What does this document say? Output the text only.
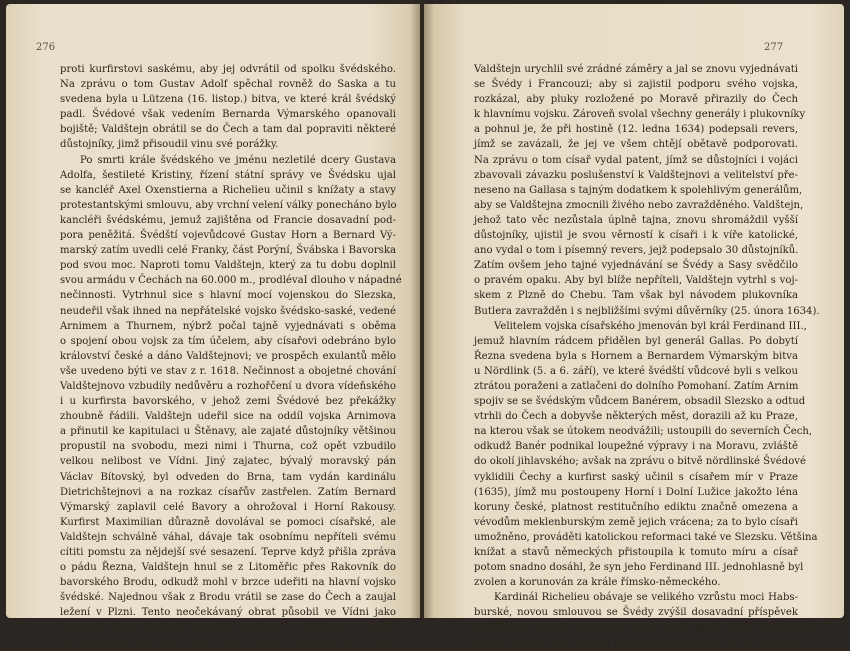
276
proti kurfirstovi saskému, aby jej odvrátil od spolku švédského.
Na zprávu o tom Gustav Adolf spěchal rovněž do Saska a tu
svedena byla u Lützena (16. listop.) bitva, ve které král švédský
padl. Švédové však vedením Bernarda Výmarského opanovali
bojiště; Valdštejn obrátil se do Čech a tam dal popraviti některé
důstojníky, jimž přisoudil vinu své porážky.
Po smrti krále švédského ve jménu nezletilé dcery Gustava
Adolfa, šestileté Kristiny, řízení státní správy ve Švédsku ujal
se kancléř Axel Oxenstierna a Richelieu učinil s knížaty a stavy
protestantskými smlouvu, aby vrchní velení války ponecháno bylo
kancléři švédskému, jemuž zajištěna od Francie dosavadní pod-
pora peněžitá. Švédští vojevůdcové Gustav Horn a Bernard Vý-
marský zatím uvedli celé Franky, část Porýní, Švábska i Bavorska
pod svou moc. Naproti tomu Valdštejn, který za tu dobu doplnil
svou armádu v Čechách na 60.000 m., prodlévaI dlouho v nápadné
nečinnosti. Vytrhnul sice s hlavní mocí vojenskou do Slezska,
neudeřil však ihned na nepřátelské vojsko švédsko-saské, vedené
Arnimem a Thurnem, nýbrž počal tajně vyjednávati s oběma
o spojení obou vojsk za tím účelem, aby císařovi odebráno bylo
království české a dáno Valdštejnovi; ve prospěch exulantů mělo
vše uvedeno býti ve stav z r. 1618. Nečinnost a obojetné chování
Valdštejnovo vzbudily nedůvěru a rozhořčení u dvora vídeňského
i u kurfirsta bavorského, v jehož zemi Švédové bez překážky
zhoubně řádili. Valdštejn udeřil sice na oddíl vojska Arnimova
a přinutil ke kapitulaci u Štěnavy, ale zajaté důstojníky většinou
propustil na svobodu, mezi nimi i Thurna, což opět vzbudilo
velkou nelibost ve Vídni. Jiný zajatec, bývalý moravský pán
Václav Bítovský, byl odveden do Brna, tam vydán kardinálu
Dietrichštejnovi a na rozkaz císařův zastřelen. Zatím Bernard
Výmarský zaplavil celé Bavory a ohrožoval i Horní Rakousy.
Kurfirst Maximilian důrazně dovolával se pomoci císařské, ale
Valdštejn schválně váhal, dávaje tak osobnímu nepříteli svému
cítiti pomstu za nějdejší své sesazení. Teprve když přišla zpráva
o pádu Řezna, Valdštejn hnul se z Litoměřic přes Rakovník do
bavorského Brodu, odkudž mohl v brzce udeřiti na hlavní vojsko
švédské. Najednou však z Brodu vrátil se zase do Čech a zaujal
ležení v Plzni. Tento neočekávaný obrat působil ve Vídni jako
hromová rána. Kurfirst bavorský vystoupil s žalobou u císaře,
že Valdštejn chce jej i jeho zemi zničiti. Dověděv se o tom,
277
Valdštejn urychlil své zrádné záměry a jal se znovu vyjednávati
se Švédy i Francouzi; aby si zajistil podporu svého vojska,
rozkázal, aby pluky rozložené po Moravě přirazily do Čech
k hlavnímu vojsku. Zároveň svolal všechny generály i plukovníky
a pohnul je, že při hostině (12. ledna 1634) podepsali revers,
jímž se zavázali, že jej ve všem chtějí obětavě podporovati.
Na zprávu o tom císař vydal patent, jímž se důstojníci i vojáci
zbavovali závazku poslušenství k Valdštejnovi a velitelství pře-
neseno na Gallasa s tajným dodatkem k spolehlivým generálům,
aby se Valdštejna zmocnili živého nebo zavražděného. Valdštejn,
jehož tato věc nezůstala úplně tajna, znovu shromáždil vyšší
důstojníky, ujistil je svou věrností k císaři i k víře katolické,
ano vydal o tom i písemný revers, jejž podepsalo 30 důstojníků.
Zatím ovšem jeho tajné vyjednávání se Švédy a Sasy svědčilo
o pravém opaku. Aby byl blíže nepříteli, Valdštejn vytrhl s voj-
skem z Plzně do Chebu. Tam však byl návodem plukovníka
Butlera zavražděn i s nejbližšími svými důvěrníky (25. února 1634).
Velitelem vojska císařského jmenován byl král Ferdinand III.,
jemuž hlavním rádcem přidělen byl generál Gallas. Po dobytí
Řezna svedena byla s Hornem a Bernardem Výmarským bitva
u Nördlink (5. a 6. září), ve které švédští vůdcové byli s velkou
ztrátou poraženi a zatlačeni do dolního Pomohaní. Zatím Arnim
spojiv se se švédským vůdcem Banérem, obsadil Slezsko a odtud
vtrhli do Čech a dobyvše některých měst, dorazili až ku Praze,
na kterou však se útokem neodvážili; ustoupili do severních Čech,
odkudž Banér podnikal loupežné výpravy i na Moravu, zvláště
do okolí jihlavského; avšak na zprávu o bitvě nördlinské Švédové
vyklidili Čechy a kurfirst saský učinil s císařem mír v Praze
(1635), jímž mu postoupeny Horní i Dolní Lužice jakožto léna
koruny české, platnost restitučního ediktu značně omezena a
vévodům meklenburským země jejich vrácena; za to bylo císaři
umožněno, prováděti katolickou reformaci také ve Slezsku. Většina
knížat a stavů německých přistoupila k tomuto míru a císař
potom snadno dosáhl, že syn jeho Ferdinand III. jednohlasně byl
zvolen a korunován za krále římsko-německého.
Kardinál Richelieu obávaje se velikého vzrůstu moci Habs-
burské, novou smlouvou se Švédy zvýšil dosavadní příspěvek
peněžitý a zavázal se postaviti silné vojsko proti císaři i Španělsku.
Štěstí válečné však nebylo Francouzům příznivé; za to švédský
